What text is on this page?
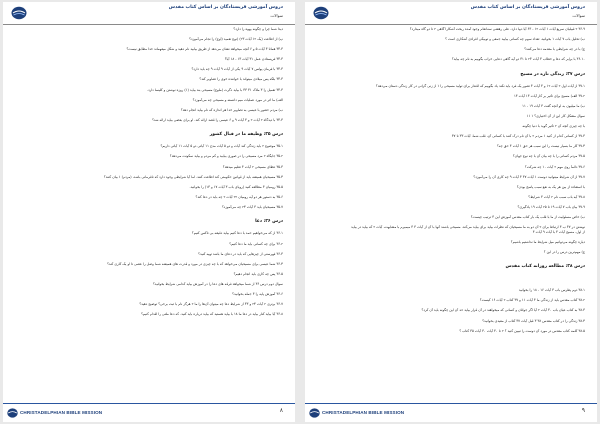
دروس آموزشی فریستادگان بر اساس کتاب مقدس
سوالات
دیدا شما چرا و چگونه یهوه را دارد؟
پ) از اطاعت (یک ۱۲ آیات ۲۳) (نوع تعمید (اوج) را نجام می‌آموزد؟
۳۳.۳ همانا ۳ آیات ۵ و ۶ آنچه میخواهد نشان می‌دهد از طریق بیابید نام دهید و شکل میفهماند خدا مطابق نیست؟
۳۳.۳ فریستادن عمل ۳۱ آیات ۱۳ - ۱۸ آیا؟
۳۳.۳ با فرمان پولس ۷ آیات ۹ یکی از آیات ۹ آیات ۹ چه باید دارد؟
۳۳.۳ بلکه پس میلادی میتواند با خواننده خوی را تصاویر کند؟
۳۳.۳ تعمیل را ۳ ملاک ۳۱ ۳۳ با بیاید دگرت (ملوخ) مسیحی بند بیاید (۱) روزه نوشتن و کلیسا دارد.
الف) ما اثر در مورد عملیات میم دانسته و مسیحی چه می‌آموزد؟
ب) مردم حضور با عیسی به تصاویر خدا هر اندازه که نام بیاید انجام دهد؟
۳۳.۳ با دیدگاه ۲ آیات ۲ و ۳ آیات ۹ و ۶ عیسی را قصد ارائه کند. او برای بعضی بیاید ارائه شد؟
درس ۳۵: وظیفه ما در قبال کشور
۳۵.۱ موضوع ۲ باید زندگی کند آیات و دو ۵ آیات مدح ۱۱ آیاتی دو ۵ آیات ۱۱ آیاتی داریم؟
۳۵.۲ جایگاه ۲ مرد مسیحی را در صوری بیابید و کم مردم و بیاید سکونت می‌دهد؟
۳۵.۳ عطای مسیحی ۲ آیات ۳ تعلیم میدهد؟
۳۵.۴ مسیحیان همیشه باید از قوانین حکومتی کند اطاعت کنند. اما آیا شرایطی وجود دارد که نافرمانی باشد، (مردم) ۱ بیان کنند؟
۳۵.۵ رومیان ۳ مطالعه کنید (رویای باب ۳ آیات ۱۷ و ۱۳) را بخوانید.
۳۵.۶ به دستور هر دو آیه رومیان ۲۲ آیات ۲ چه باید در دعا کند؟
۳۵.۷ مسیحیان باید ۳ آیات ۲۴ چه می‌آموزد؟
درس ۳۶: دعا
۳۶.۱ از که می‌خواهیم حمد با دعا کنیم بیاید دقیقه بی تاکس کنیم؟
۳۶.۲ برای چه کسانی باید ما دعا کنیم؟
۳۶.۳ فهرستی از چیزهایی که باید در دعای ما باشد تهیه کنید؟
۳۶.۴ شما عیسی برای مسیحیان می‌خواهد که با چه چیزی در مورد و قدرت های همیشه شما وصل را عصی تا او یک کاری کند؟
۳۶.۵ پس چه کاری باید انجام دهیم؟
سوال دوم درس ۳۶ از شما میخواهد فرقه های دعا را در آموزش بیاید کدامی شرایط بخوانید؟
۳۶.۶ آموزش پایه را ۳ جمله بخوانید؟
۳۶.۷ برتری ۲ آیات ۲۴ و ۳۳ از شرایط دعا چه میتوان آن‌ها را ما ۲ هرگز نام با ثبت برخی؟ توضیح دهید؟
۳۶.۸ آیا بیاید کنار بیاید در دعا ما ۱۸ با بیاید هستید که بیاید درباره باید کنید. که دعا ملتی را اقدام کنیم؟
CHRISTADELPHIAN BIBLE MISSION	٨
دروس آموزشی فریستادگان بر اساس کتاب مقدس
سوالات
۳۶.۹ ۲ قبیلیان سریع آیات ۱ آیات ۱۲ - ۶۳ آیا دیپا دارد. علی رهشی سه‌انعام وجود آمده ریخت آشکارا گاهی ۲ تا دو گاه میدارد؟
ب) تحلیل باب ۷ آیات ۱ بخوانید. تعداد سوم چه کسانی بیایید جمعی و توبیکی افرادی آشکاری است ؟
ج) با در چه شرایطی با مقدمه دعا می‌کنند؟
۳۶.۱۰ با برابر که دعا و خطاب ۳ آیات ۲۳ تا ۳۱ دو آیه گاهی دعایی خراب بگوییم به نام چه بیاید؟
درس ۳۷: زندگی تازه در مسیح
۳۷.۱ از آیات اول ۲ آیات ۱۲ و ۳ آیات ۳ تصور یک فرد باید نکند یاد بگوییم که اقتدار برای تولید مسیحی را ۱ از زنی گرانی در کار زندگی دستان می‌دهد؟
۳۷.۲ الف) مسیح برای تأثیر بر کار آیات ۱۳ آیات ۱۳
ب) ما میلیون به او آنچه گفت ۳ آیات ۱۹ - ۱۱
سوال مشکل کار این از آن اختیاری؟ ۱ ۱۱
با چه چیزی آنچه آن ۲ تأثیر گوید با دنیا چگونه.
۳۷.۳ از کسانی کدام از کنید ۱ مردم ۲ با آن نام درک کنند با کسانی آن، قلب شما. آیات ۳۳ تا ۳۷
۳۷.۴ کار ما بسیار نیست را این سبب هر حق ۱ آیات ۳ حق چه؟
۳۷.۵ مردم کسانی را با چه بیان آن با چه نوع جهان؟
۳۷.۶ دائماً روی مهم ۲ آیات ۱۰ چه شرکت؟
۳۷.۷ از آن شرایط میتوانید دوست ۱ آیات ۳۷ ۳ آیات ۹ چه کاری آن را می‌آموزد؟
با استفاده از بین هر یک به نفع سبب پاسخ بودن؟
۳۷.۸ آیه باب سبب نام ۲ آیات ۳ شرایط؟
۳۷.۹ بیان باب ۷ آیات ۱۹ تا ۲۵ آیات ۱۹ یادگیری؟
ب) خاص مسئولیت از ما با قلب یک بار کتاب مقدس آموزش این ۳ ترتیب چیست؟
نوشتن در ۳۷ ب ۳ ارتباط برای ۲ آن دو به ما مسیحیان که نظرات بیاید برای بیاید می‌کند. مسیحی باشند آنها با آن از آیات ۳ ۳ میمیرم با مشابهت، آیات ۲ که بیاید در بیاید
از اول. مسیح آیات ۳ با آیات ۹ آیات ۳
دیاره چگونه می‌توانیم میل شرایط ما نداشتیم باشیم؟
ج) مهم‌ترین درس را در این ؟
درس ۳۸: مطالعه روزانه کتاب مقدس
۳۸.۱ دوم پطرس باب ۳ آیات ۱۶ - ۱۸ را بخوانید
۳۸.۲ کتاب مقدس باید از زندگی ما ۳ آیات ۱۱ و ۳۷ کتاب ۲ آیات ۱۶ کیست؟
۳۸.۳ به کتاب عیان باب ۳۰ آیات ۲ آیا اگر جوانان و کسانی که میخواهند در آن قرار بیاید حد آن این چگونه باید آن کرد؟
۳۸.۴ زندگی را در کتاب مقدس ۳۸ ۳ قبل آیات ۳۷ کتاب از مفیدی بخوانید؟
۳۸.۵ کلمه کتاب مقدس در مورد آن دوست را تبیین کنید ؟ ۲ تا ۳۰ آیات ۳۰ آیات ۳۵ کتاب ؟
CHRISTADELPHIAN BIBLE MISSION	٩
